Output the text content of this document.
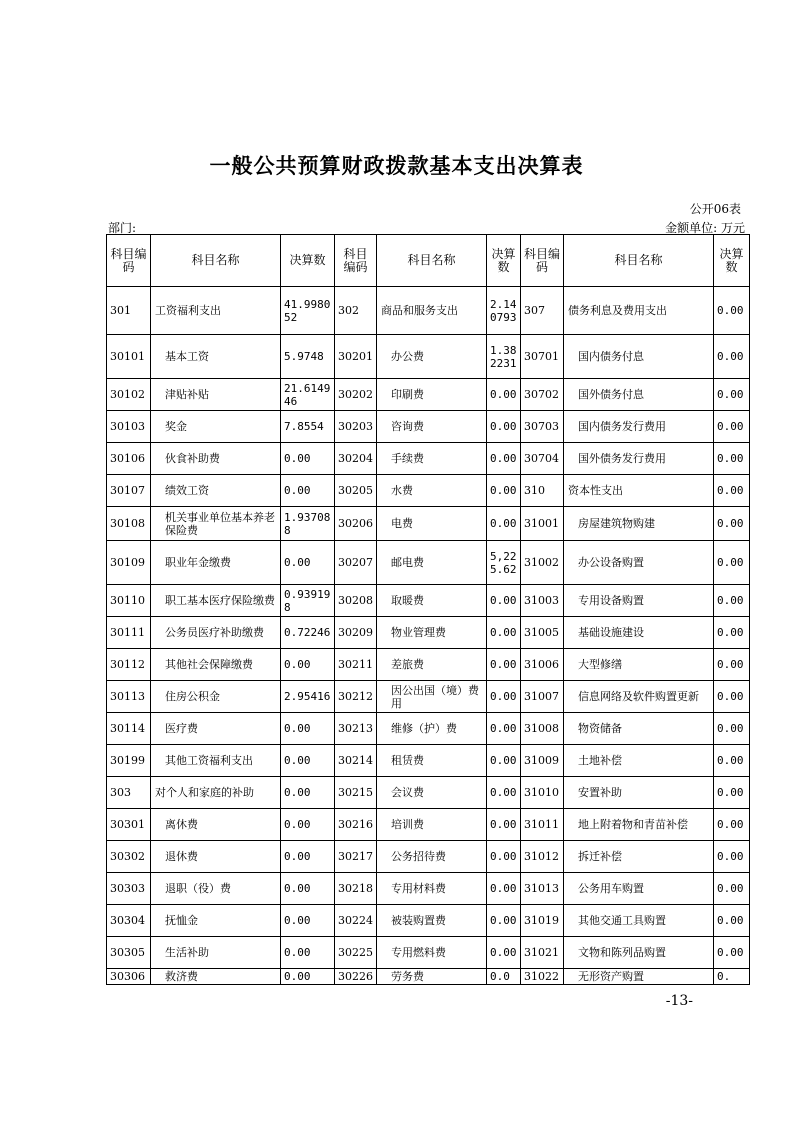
一般公共预算财政拨款基本支出决算表
公开06表
部门:	金额单位: 万元
科目编码	科目名称	决算数	科目编码	科目名称	决算数	科目编码	科目名称	决算数
301	工资福利支出	41.998052	302	商品和服务支出	2.140793	307	债务利息及费用支出	0.00
30101	基本工资	5.9748	30201	办公费	1.382231	30701	国内债务付息	0.00
30102	津贴补贴	21.614946	30202	印刷费	0.00	30702	国外债务付息	0.00
30103	奖金	7.8554	30203	咨询费	0.00	30703	国内债务发行费用	0.00
30106	伙食补助费	0.00	30204	手续费	0.00	30704	国外债务发行费用	0.00
30107	绩效工资	0.00	30205	水费	0.00	310	资本性支出	0.00
30108	机关事业单位基本养老保险费	1.937088	30206	电费	0.00	31001	房屋建筑物购建	0.00
30109	职业年金缴费	0.00	30207	邮电费	5,225.62	31002	办公设备购置	0.00
30110	职工基本医疗保险缴费	0.939198	30208	取暖费	0.00	31003	专用设备购置	0.00
30111	公务员医疗补助缴费	0.72246	30209	物业管理费	0.00	31005	基础设施建设	0.00
30112	其他社会保障缴费	0.00	30211	差旅费	0.00	31006	大型修缮	0.00
30113	住房公积金	2.95416	30212	因公出国（境）费用	0.00	31007	信息网络及软件购置更新	0.00
30114	医疗费	0.00	30213	维修（护）费	0.00	31008	物资储备	0.00
30199	其他工资福利支出	0.00	30214	租赁费	0.00	31009	土地补偿	0.00
303	对个人和家庭的补助	0.00	30215	会议费	0.00	31010	安置补助	0.00
30301	离休费	0.00	30216	培训费	0.00	31011	地上附着物和青苗补偿	0.00
30302	退休费	0.00	30217	公务招待费	0.00	31012	拆迁补偿	0.00
30303	退职（役）费	0.00	30218	专用材料费	0.00	31013	公务用车购置	0.00
30304	抚恤金	0.00	30224	被装购置费	0.00	31019	其他交通工具购置	0.00
30305	生活补助	0.00	30225	专用燃料费	0.00	31021	文物和陈列品购置	0.00
30306	救济费	0.00	30226	劳务费	0.0	31022	无形资产购置	0.
-13-
